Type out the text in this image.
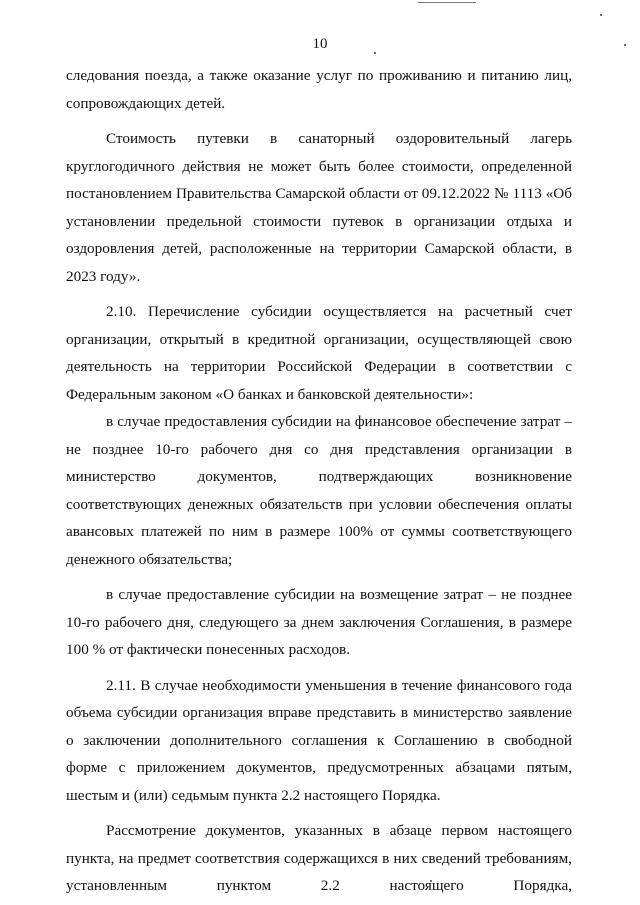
10

следования поезда, а также оказание услуг по проживанию и питанию лиц, сопровождающих детей.

Стоимость путевки в санаторный оздоровительный лагерь круглогодичного действия не может быть более стоимости, определенной постановлением Правительства Самарской области от 09.12.2022 № 1113 «Об установлении предельной стоимости путевок в организации отдыха и оздоровления детей, расположенные на территории Самарской области, в 2023 году».

2.10. Перечисление субсидии осуществляется на расчетный счет организации, открытый в кредитной организации, осуществляющей свою деятельность на территории Российской Федерации в соответствии с Федеральным законом «О банках и банковской деятельности»:

в случае предоставления субсидии на финансовое обеспечение затрат – не позднее 10-го рабочего дня со дня представления организации в министерство документов, подтверждающих возникновение соответствующих денежных обязательств при условии обеспечения оплаты авансовых платежей по ним в размере 100% от суммы соответствующего денежного обязательства;

в случае предоставление субсидии на возмещение затрат – не позднее 10-го рабочего дня, следующего за днем заключения Соглашения, в размере 100 % от фактически понесенных расходов.

2.11. В случае необходимости уменьшения в течение финансового года объема субсидии организация вправе представить в министерство заявление о заключении дополнительного соглашения к Соглашению в свободной форме с приложением документов, предусмотренных абзацами пятым, шестым и (или) седьмым пункта 2.2 настоящего Порядка.

Рассмотрение документов, указанных в абзаце первом настоящего пункта, на предмет соответствия содержащихся в них сведений требованиям, установленным пунктом 2.2 настоящего Порядка,
